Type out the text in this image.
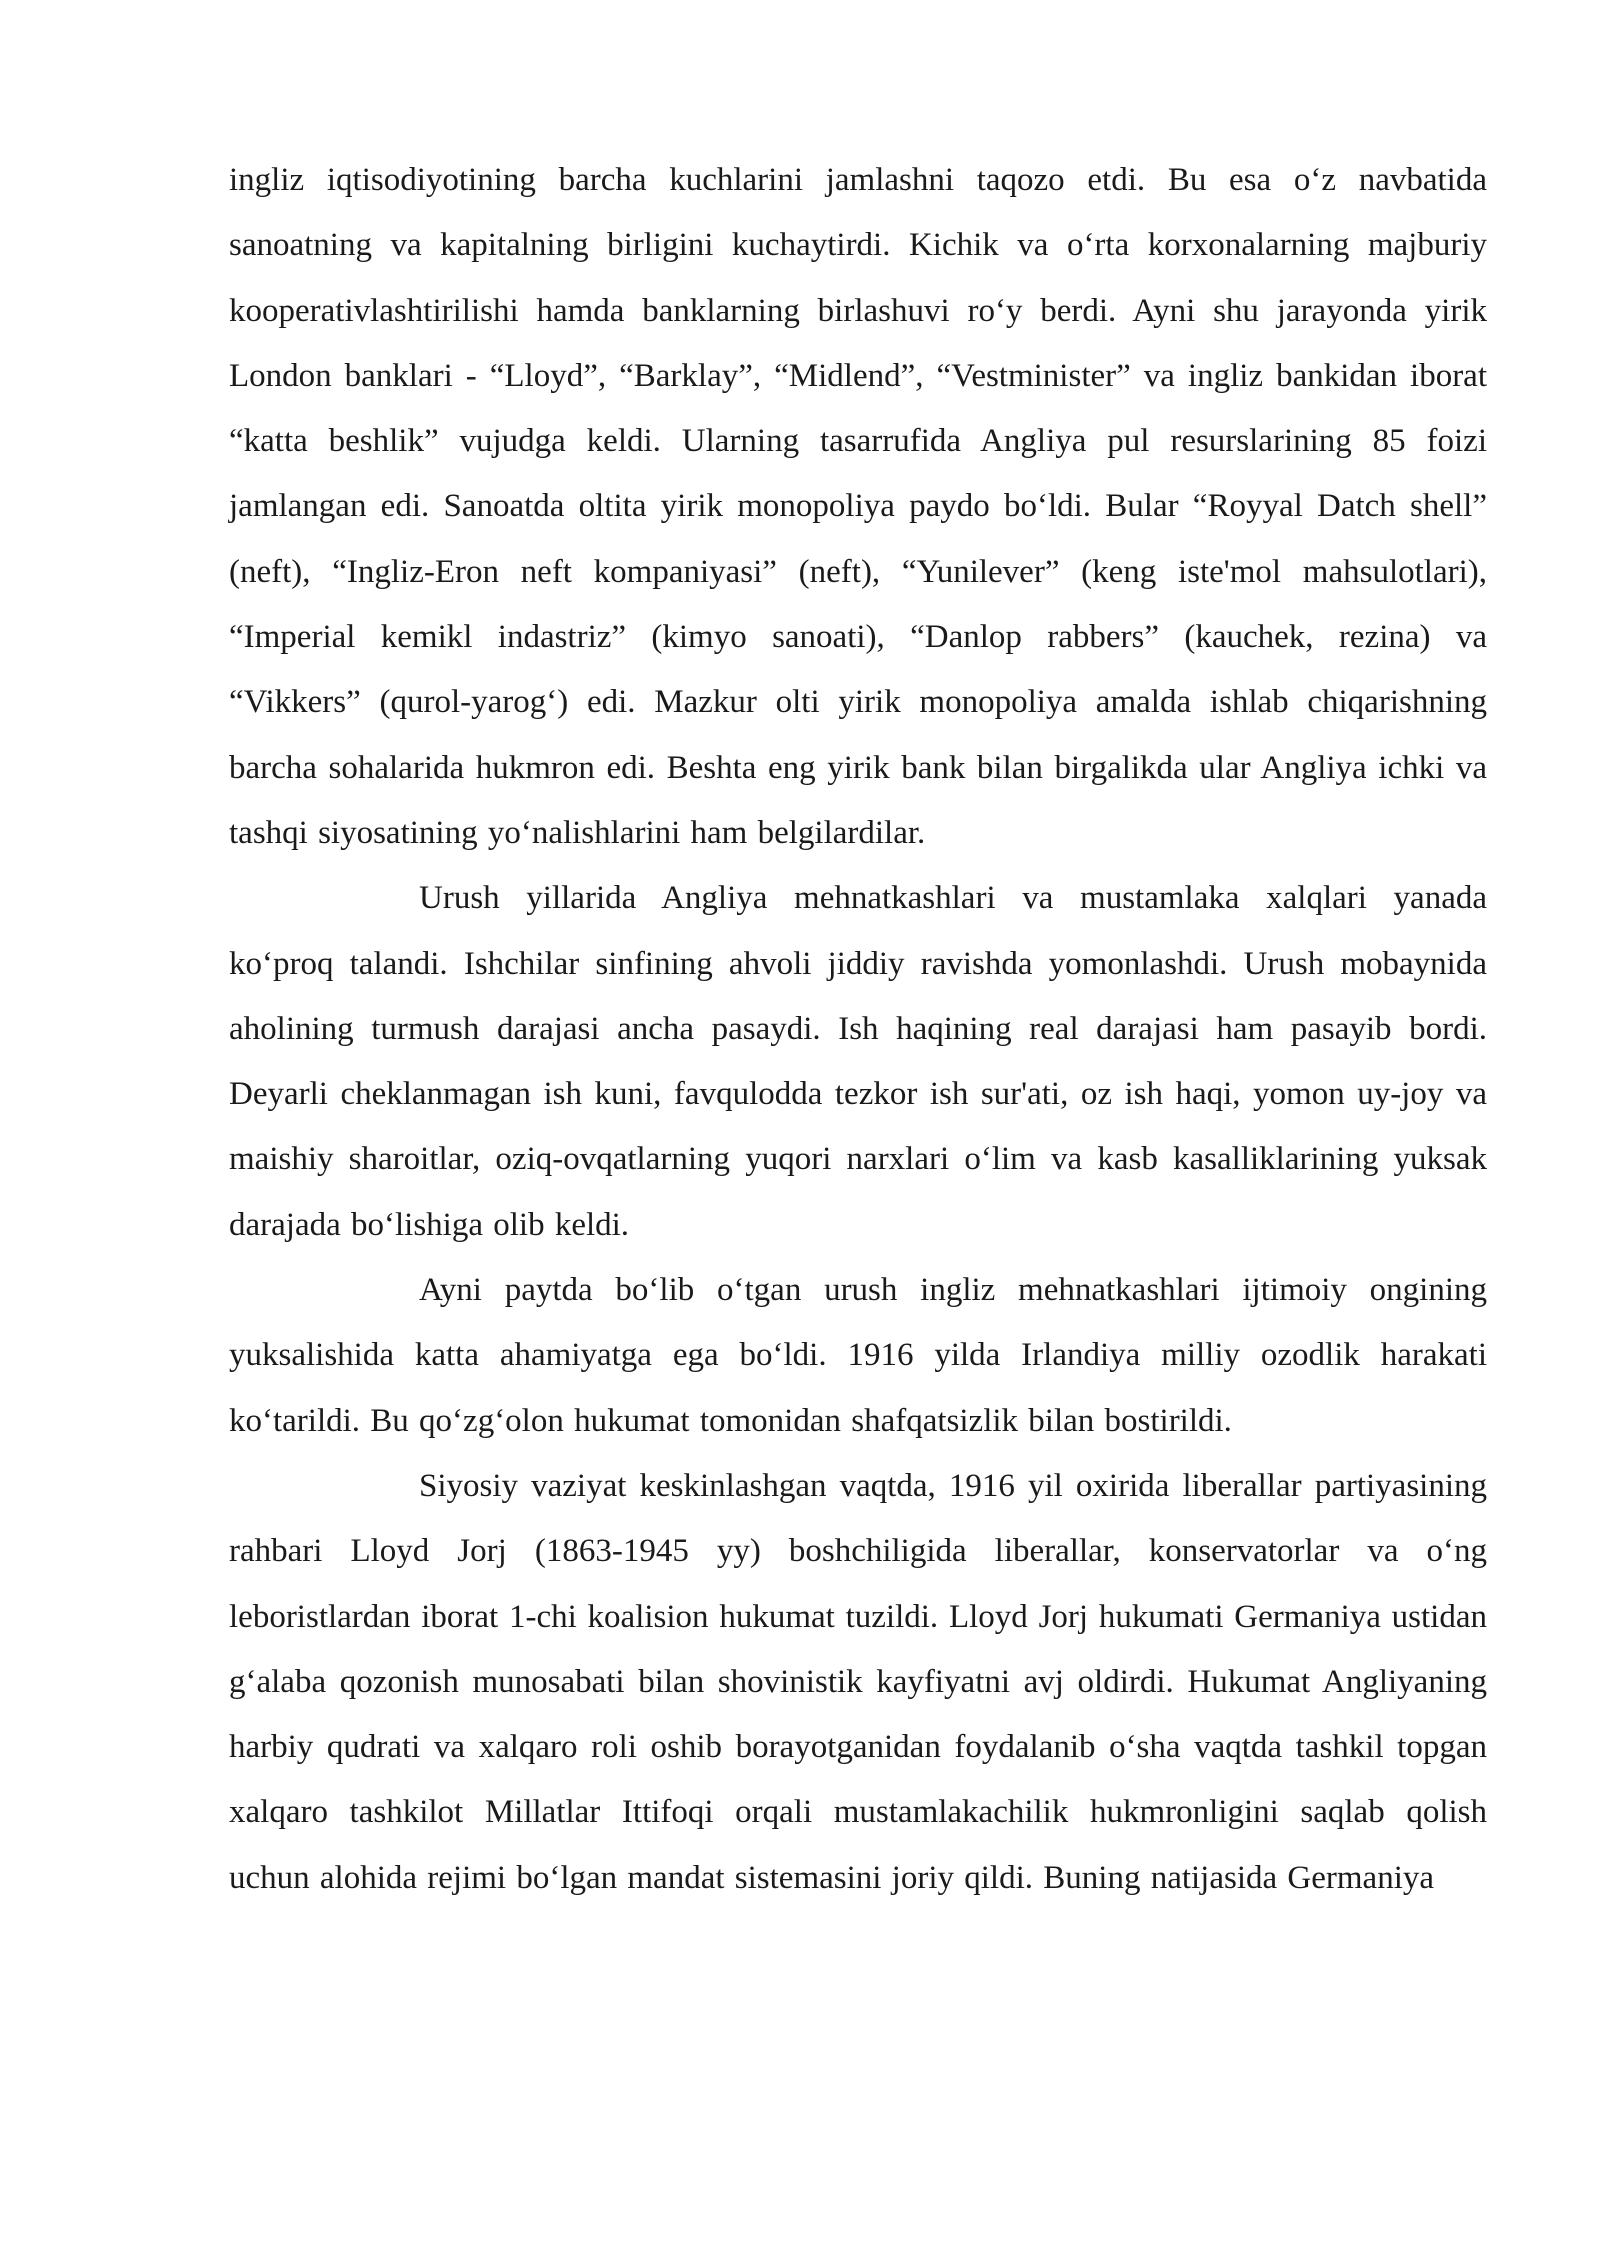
ingliz iqtisodiyotining barcha kuchlarini jamlashni taqozo etdi. Bu esa o‘z navbatida sanoatning va kapitalning birligini kuchaytirdi. Kichik va o‘rta korxonalarning majburiy kooperativlashtirilishi hamda banklarning birlashuvi ro‘y berdi. Ayni shu jarayonda yirik London banklari - “Lloyd”, “Barklay”, “Midlend”, “Vestminister” va ingliz bankidan iborat “katta beshlik” vujudga keldi. Ularning tasarrufida Angliya pul resurslarining 85 foizi jamlangan edi. Sanoatda oltita yirik monopoliya paydo bo‘ldi. Bular “Royyal Datch shell” (neft), “Ingliz-Eron neft kompaniyasi” (neft), “Yunilever” (keng iste'mol mahsulotlari), “Imperial kemikl indastriz” (kimyo sanoati), “Danlop rabbers” (kauchek, rezina) va “Vikkers” (qurol-yarog‘) edi. Mazkur olti yirik monopoliya amalda ishlab chiqarishning barcha sohalarida hukmron edi. Beshta eng yirik bank bilan birgalikda ular Angliya ichki va tashqi siyosatining yo‘nalishlarini ham belgilardilar.

Urush yillarida Angliya mehnatkashlari va mustamlaka xalqlari yanada ko‘proq talandi. Ishchilar sinfining ahvoli jiddiy ravishda yomonlashdi. Urush mobaynida aholining turmush darajasi ancha pasaydi. Ish haqining real darajasi ham pasayib bordi. Deyarli cheklanmagan ish kuni, favqulodda tezkor ish sur'ati, oz ish haqi, yomon uy-joy va maishiy sharoitlar, oziq-ovqatlarning yuqori narxlari o‘lim va kasb kasalliklarining yuksak darajada bo‘lishiga olib keldi.

Ayni paytda bo‘lib o‘tgan urush ingliz mehnatkashlari ijtimoiy ongining yuksalishida katta ahamiyatga ega bo‘ldi. 1916 yilda Irlandiya milliy ozodlik harakati ko‘tarildi. Bu qo‘zg‘olon hukumat tomonidan shafqatsizlik bilan bostirildi.

Siyosiy vaziyat keskinlashgan vaqtda, 1916 yil oxirida liberallar partiyasining rahbari Lloyd Jorj (1863-1945 yy) boshchiligida liberallar, konservatorlar va o‘ng leboristlardan iborat 1-chi koalision hukumat tuzildi. Lloyd Jorj hukumati Germaniya ustidan g‘alaba qozonish munosabati bilan shovinistik kayfiyatni avj oldirdi. Hukumat Angliyaning harbiy qudrati va xalqaro roli oshib borayotganidan foydalanib o‘sha vaqtda tashkil topgan xalqaro tashkilot Millatlar Ittifoqi orqali mustamlakachilik hukmronligini saqlab qolish uchun alohida rejimi bo‘lgan mandat sistemasini joriy qildi. Buning natijasida Germaniya
